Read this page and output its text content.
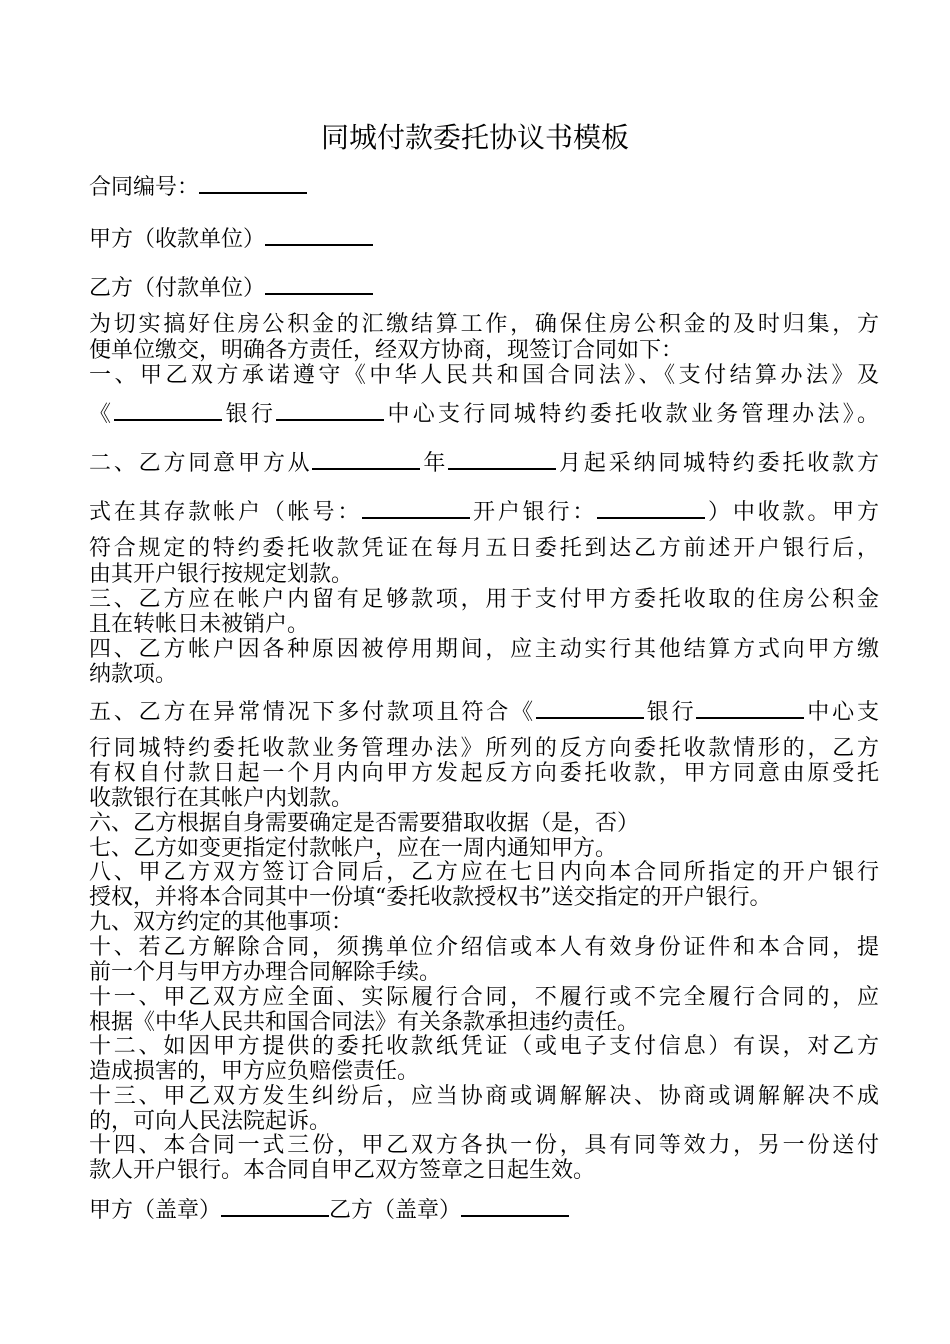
同城付款委托协议书模板
合同编号：
甲方（收款单位）
乙方（付款单位）
为切实搞好住房公积金的汇缴结算工作，确保住房公积金的及时归集，方
便单位缴交，明确各方责任，经双方协商，现签订合同如下：
一、甲乙双方承诺遵守《中华人民共和国合同法》、《支付结算办法》及
《	银行	中心支行同城特约委托收款业务管理办法》。
二、乙方同意甲方从	年	月起采纳同城特约委托收款方
式在其存款帐户（帐号：	开户银行：	）中收款。甲方
符合规定的特约委托收款凭证在每月五日委托到达乙方前述开户银行后，
由其开户银行按规定划款。
三、乙方应在帐户内留有足够款项，用于支付甲方委托收取的住房公积金
且在转帐日未被销户。
四、乙方帐户因各种原因被停用期间，应主动实行其他结算方式向甲方缴
纳款项。
五、乙方在异常情况下多付款项且符合《	银行	中心支
行同城特约委托收款业务管理办法》所列的反方向委托收款情形的，乙方
有权自付款日起一个月内向甲方发起反方向委托收款，甲方同意由原受托
收款银行在其帐户内划款。
六、乙方根据自身需要确定是否需要猎取收据（是，否）
七、乙方如变更指定付款帐户，应在一周内通知甲方。
八、甲乙方双方签订合同后，乙方应在七日内向本合同所指定的开户银行
授权，并将本合同其中一份填“委托收款授权书”送交指定的开户银行。
九、双方约定的其他事项：
十、若乙方解除合同，须携单位介绍信或本人有效身份证件和本合同，提
前一个月与甲方办理合同解除手续。
十一、甲乙双方应全面、实际履行合同，不履行或不完全履行合同的，应
根据《中华人民共和国合同法》有关条款承担违约责任。
十二、如因甲方提供的委托收款纸凭证（或电子支付信息）有误，对乙方
造成损害的，甲方应负赔偿责任。
十三、甲乙双方发生纠纷后，应当协商或调解解决、协商或调解解决不成
的，可向人民法院起诉。
十四、本合同一式三份，甲乙双方各执一份，具有同等效力，另一份送付
款人开户银行。本合同自甲乙双方签章之日起生效。
甲方（盖章）	乙方（盖章）
